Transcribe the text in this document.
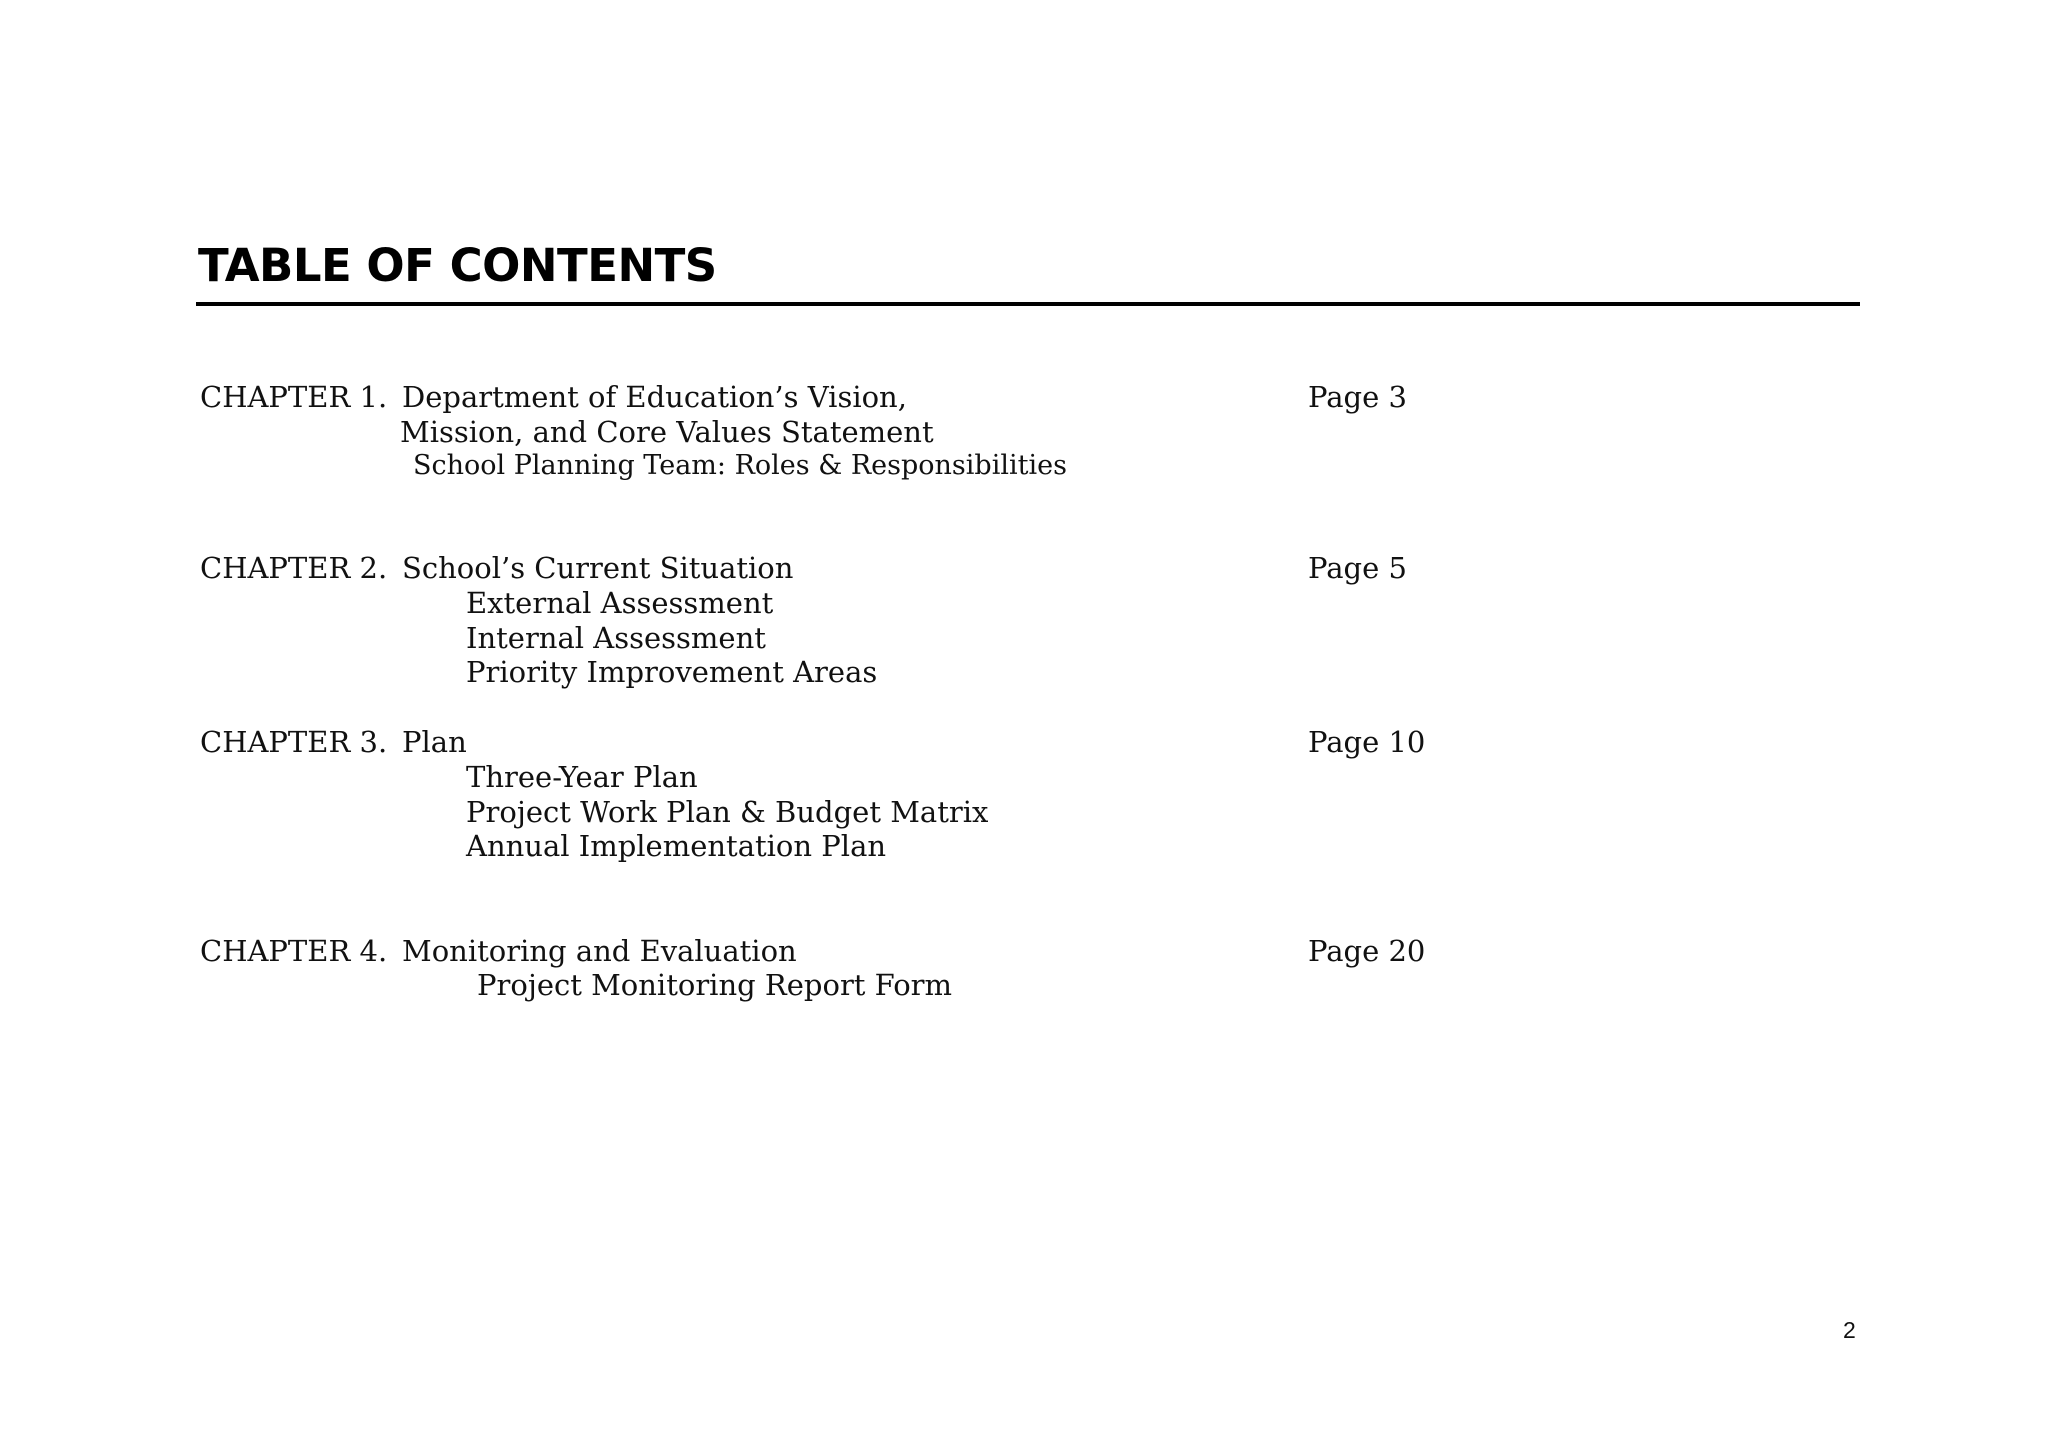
TABLE OF CONTENTS
CHAPTER 1. Department of Education’s Vision,	Page 3
Mission, and Core Values Statement
School Planning Team: Roles & Responsibilities
CHAPTER 2. School’s Current Situation	Page 5
External Assessment
Internal Assessment
Priority Improvement Areas
CHAPTER 3. Plan	Page 10
Three-Year Plan
Project Work Plan & Budget Matrix
Annual Implementation Plan
CHAPTER 4. Monitoring and Evaluation	Page 20
Project Monitoring Report Form
2
